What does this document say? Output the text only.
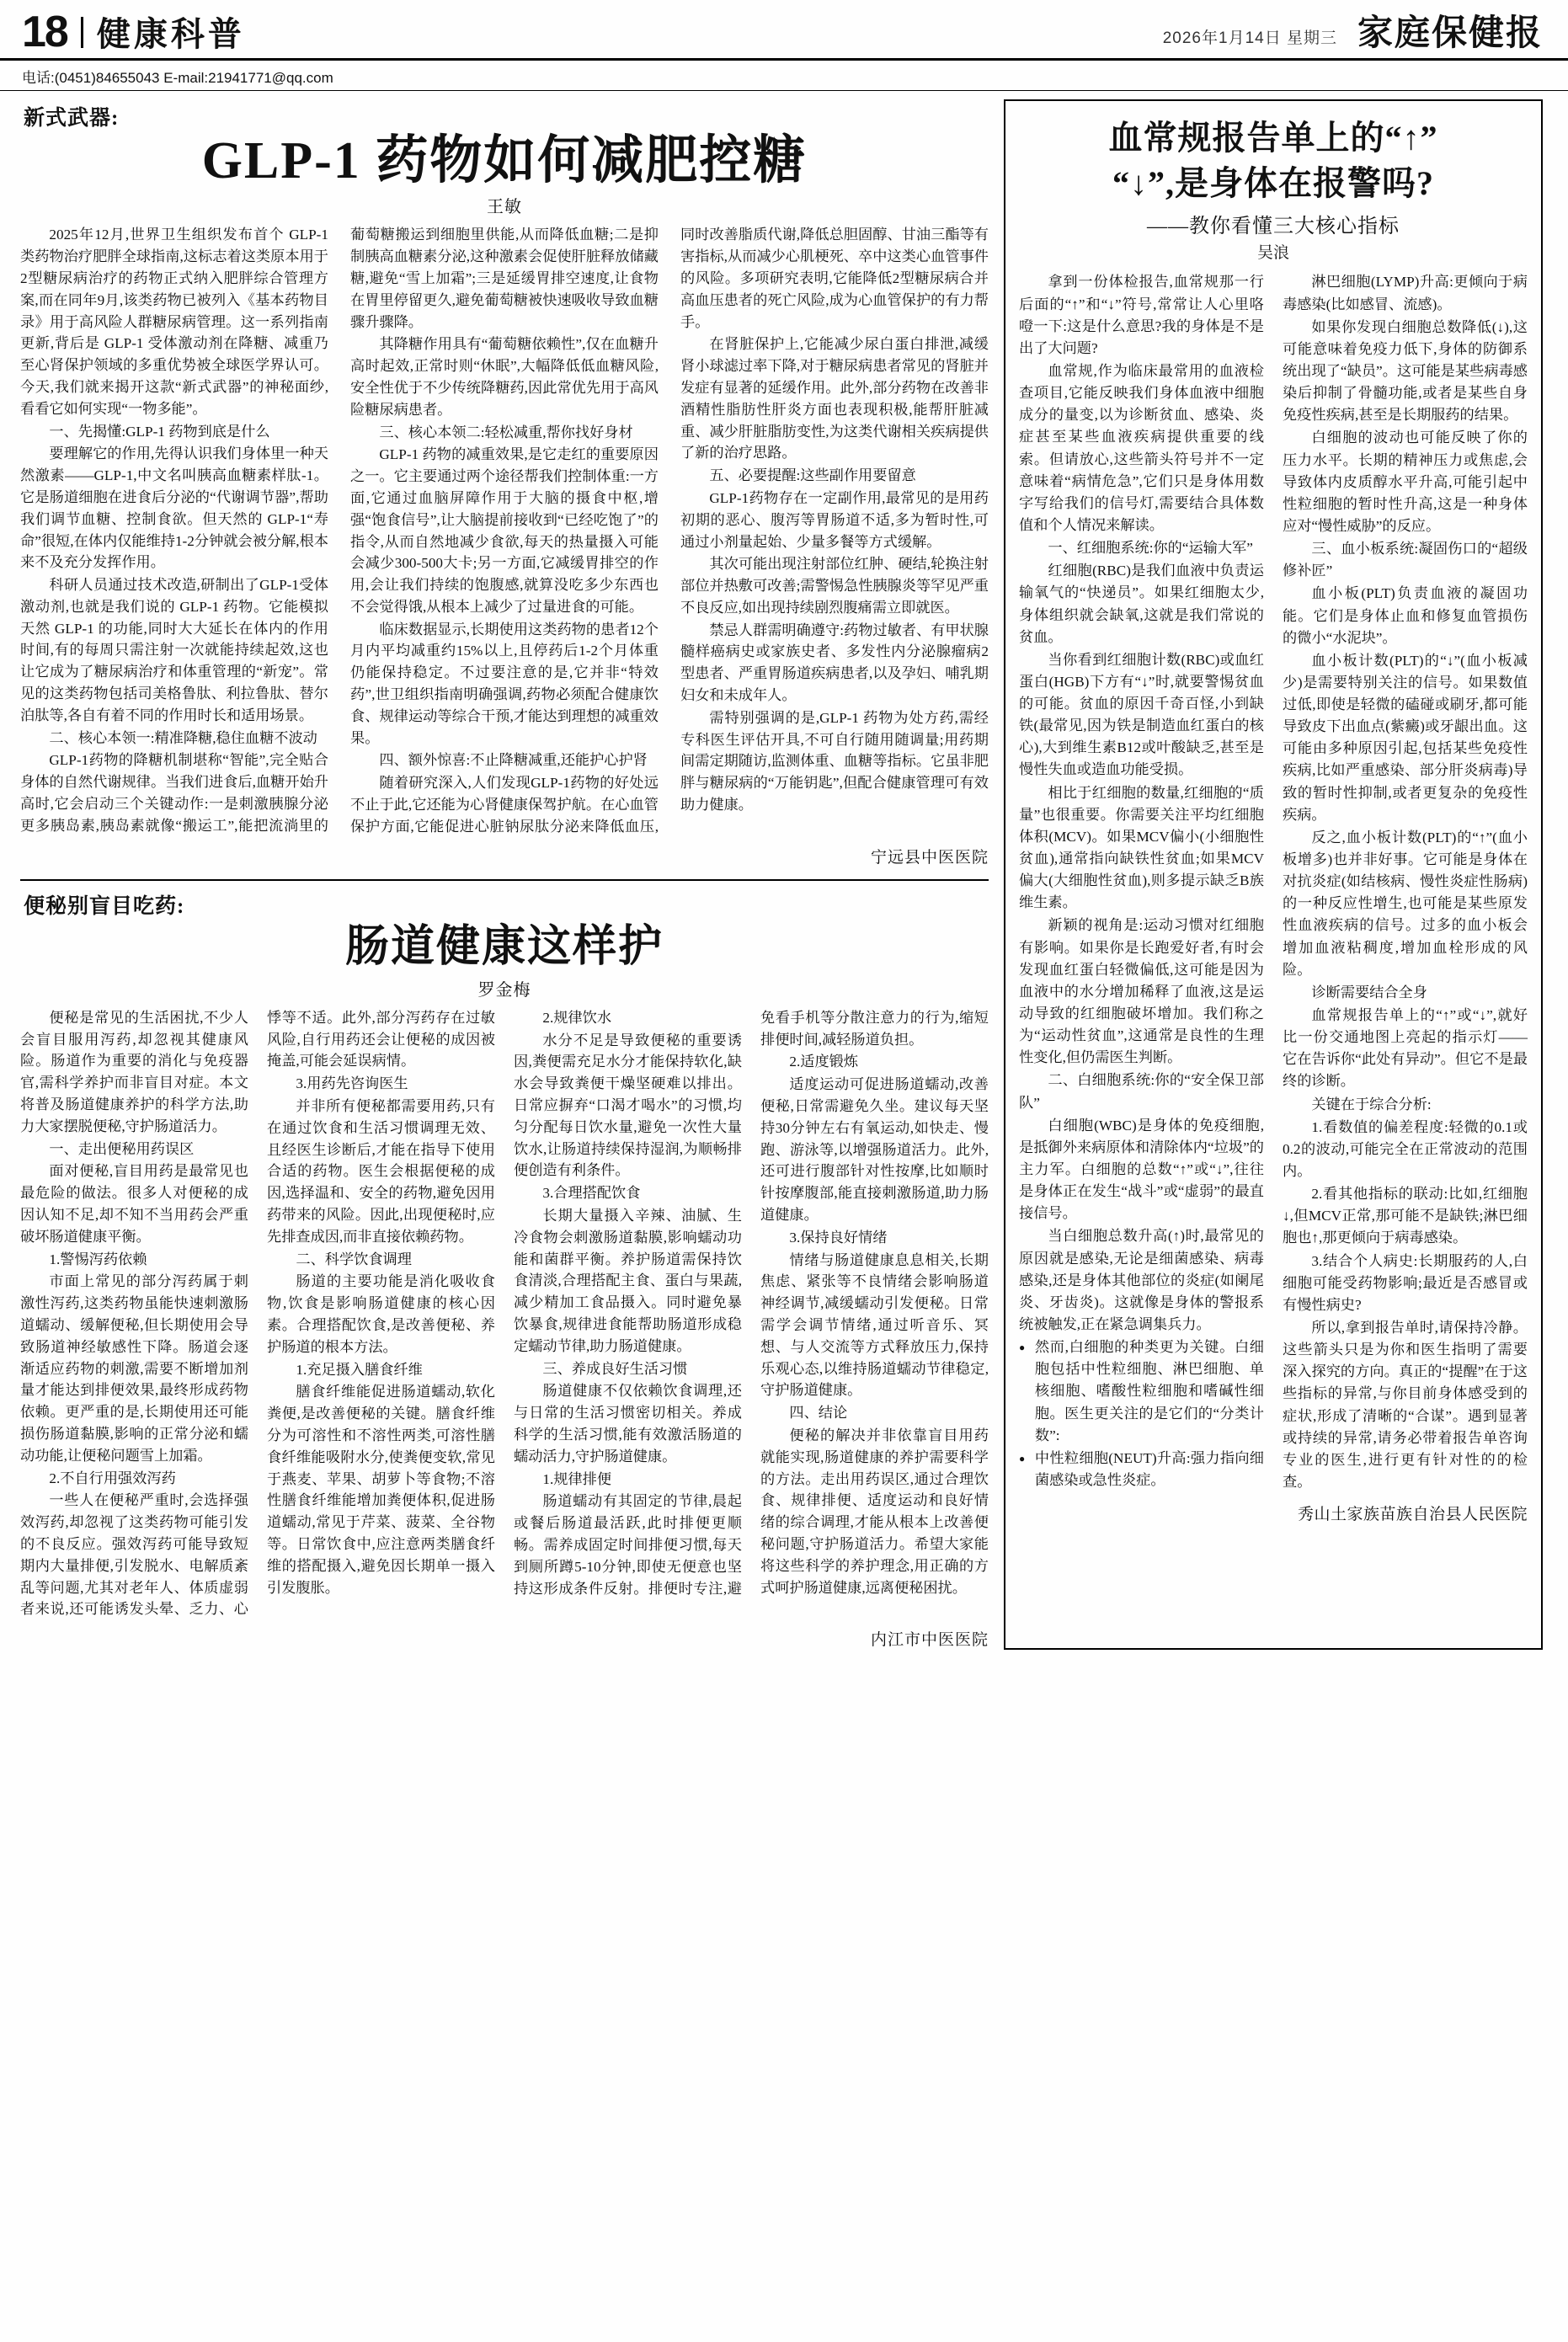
18 健康科普	2026年1月14日 星期三 家庭保健报
电话:(0451)84655043 E-mail:21941771@qq.com
新式武器:
GLP-1 药物如何减肥控糖
王敏

2025年12月,世界卫生组织发布首个 GLP-1 类药物治疗肥胖全球指南,这标志着这类原本用于2型糖尿病治疗的药物正式纳入肥胖综合管理方案,而在同年9月,该类药物已被列入《基本药物目录》用于高风险人群糖尿病管理。这一系列指南更新,背后是 GLP-1 受体激动剂在降糖、减重乃至心肾保护领域的多重优势被全球医学界认可。今天,我们就来揭开这款“新式武器”的神秘面纱,看看它如何实现“一物多能”。

一、先揭懂:GLP-1 药物到底是什么

要理解它的作用,先得认识我们身体里一种天然激素——GLP-1,中文名叫胰高血糖素样肽-1。它是肠道细胞在进食后分泌的“代谢调节器”,帮助我们调节血糖、控制食欲。但天然的 GLP-1“寿命”很短,在体内仅能维持1-2分钟就会被分解,根本来不及充分发挥作用。

科研人员通过技术改造,研制出了GLP-1受体激动剂,也就是我们说的 GLP-1 药物。它能模拟天然 GLP-1 的功能,同时大大延长在体内的作用时间,有的每周只需注射一次就能持续起效,这也让它成为了糖尿病治疗和体重管理的“新宠”。常见的这类药物包括司美格鲁肽、利拉鲁肽、替尔泊肽等,各自有着不同的作用时长和适用场景。

二、核心本领一:精准降糖,稳住血糖不波动

GLP-1药物的降糖机制堪称“智能”,完全贴合身体的自然代谢规律。当我们进食后,血糖开始升高时,它会启动三个关键动作:一是刺激胰腺分泌更多胰岛素,胰岛素就像“搬运工”,能把流淌里的葡萄糖搬运到细胞里供能,从而降低血糖;二是抑制胰高血糖素分泌,这种激素会促使肝脏释放储藏糖,避免“雪上加霜”;三是延缓胃排空速度,让食物在胃里停留更久,避免葡萄糖被快速吸收导致血糖骤升骤降。

其降糖作用具有“葡萄糖依赖性”,仅在血糖升高时起效,正常时则“休眠”,大幅降低低血糖风险,安全性优于不少传统降糖药,因此常优先用于高风险糖尿病患者。

三、核心本领二:轻松减重,帮你找好身材

GLP-1 药物的减重效果,是它走红的重要原因之一。它主要通过两个途径帮我们控制体重:一方面,它通过血脑屏障作用于大脑的摄食中枢,增强“饱食信号”,让大脑提前接收到“已经吃饱了”的指令,从而自然地减少食欲,每天的热量摄入可能会减少300-500大卡;另一方面,它减缓胃排空的作用,会让我们持续的饱腹感,就算没吃多少东西也不会觉得饿,从根本上减少了过量进食的可能。

临床数据显示,长期使用这类药物的患者12个月内平均减重约15%以上,且停药后1-2个月体重仍能保持稳定。不过要注意的是,它并非“特效药”,世卫组织指南明确强调,药物必须配合健康饮食、规律运动等综合干预,才能达到理想的减重效果。

四、额外惊喜:不止降糖减重,还能护心护肾

随着研究深入,人们发现GLP-1药物的好处远不止于此,它还能为心肾健康保驾护航。在心血管保护方面,它能促进心脏钠尿肽分泌来降低血压,同时改善脂质代谢,降低总胆固醇、甘油三酯等有害指标,从而减少心肌梗死、卒中这类心血管事件的风险。多项研究表明,它能降低2型糖尿病合并高血压患者的死亡风险,成为心血管保护的有力帮手。

在肾脏保护上,它能减少尿白蛋白排泄,减缓肾小球滤过率下降,对于糖尿病患者常见的肾脏并发症有显著的延缓作用。此外,部分药物在改善非酒精性脂肪性肝炎方面也表现积极,能帮肝脏减重、减少肝脏脂肪变性,为这类代谢相关疾病提供了新的治疗思路。

五、必要提醒:这些副作用要留意

GLP-1药物存在一定副作用,最常见的是用药初期的恶心、腹泻等胃肠道不适,多为暂时性,可通过小剂量起始、少量多餐等方式缓解。

其次可能出现注射部位红肿、硬结,轮换注射部位并热敷可改善;需警惕急性胰腺炎等罕见严重不良反应,如出现持续剧烈腹痛需立即就医。

禁忌人群需明确遵守:药物过敏者、有甲状腺髓样癌病史或家族史者、多发性内分泌腺瘤病2型患者、严重胃肠道疾病患者,以及孕妇、哺乳期妇女和未成年人。

需特别强调的是,GLP-1 药物为处方药,需经专科医生评估开具,不可自行随用随调量;用药期间需定期随访,监测体重、血糖等指标。它虽非肥胖与糖尿病的“万能钥匙”,但配合健康管理可有效助力健康。

宁远县中医医院
便秘别盲目吃药:
肠道健康这样护
罗金梅

便秘是常见的生活困扰,不少人会盲目服用泻药,却忽视其健康风险。肠道作为重要的消化与免疫器官,需科学养护而非盲目对症。本文将普及肠道健康养护的科学方法,助力大家摆脱便秘,守护肠道活力。

一、走出便秘用药误区

面对便秘,盲目用药是最常见也最危险的做法。很多人对便秘的成因认知不足,却不知不当用药会严重破坏肠道健康平衡。

1.警惕泻药依赖

市面上常见的部分泻药属于刺激性泻药,这类药物虽能快速刺激肠道蠕动、缓解便秘,但长期使用会导致肠道神经敏感性下降。肠道会逐渐适应药物的刺激,需要不断增加剂量才能达到排便效果,最终形成药物依赖。更严重的是,长期使用还可能损伤肠道黏膜,影响的正常分泌和蠕动功能,让便秘问题雪上加霜。

2.不自行用强效泻药

一些人在便秘严重时,会选择强效泻药,却忽视了这类药物可能引发的不良反应。强效泻药可能导致短期内大量排便,引发脱水、电解质紊乱等问题,尤其对老年人、体质虚弱者来说,还可能诱发头晕、乏力、心悸等不适。此外,部分泻药存在过敏风险,自行用药还会让便秘的成因被掩盖,可能会延误病情。

3.用药先咨询医生

并非所有便秘都需要用药,只有在通过饮食和生活习惯调理无效、且经医生诊断后,才能在指导下使用合适的药物。医生会根据便秘的成因,选择温和、安全的药物,避免因用药带来的风险。因此,出现便秘时,应先排查成因,而非直接依赖药物。

二、科学饮食调理

肠道的主要功能是消化吸收食物,饮食是影响肠道健康的核心因素。合理搭配饮食,是改善便秘、养护肠道的根本方法。

1.充足摄入膳食纤维

膳食纤维能促进肠道蠕动,软化粪便,是改善便秘的关键。膳食纤维分为可溶性和不溶性两类,可溶性膳食纤维能吸附水分,使粪便变软,常见于燕麦、苹果、胡萝卜等食物;不溶性膳食纤维能增加粪便体积,促进肠道蠕动,常见于芹菜、菠菜、全谷物等。日常饮食中,应注意两类膳食纤维的搭配摄入,避免因长期单一摄入引发腹胀。

2.规律饮水

水分不足是导致便秘的重要诱因,粪便需充足水分才能保持软化,缺水会导致粪便干燥坚硬难以排出。日常应摒弃“口渴才喝水”的习惯,均匀分配每日饮水量,避免一次性大量饮水,让肠道持续保持湿润,为顺畅排便创造有利条件。

3.合理搭配饮食

长期大量摄入辛辣、油腻、生冷食物会刺激肠道黏膜,影响蠕动功能和菌群平衡。养护肠道需保持饮食清淡,合理搭配主食、蛋白与果蔬,减少精加工食品摄入。同时避免暴饮暴食,规律进食能帮助肠道形成稳定蠕动节律,助力肠道健康。

三、养成良好生活习惯

肠道健康不仅依赖饮食调理,还与日常的生活习惯密切相关。养成科学的生活习惯,能有效激活肠道的蠕动活力,守护肠道健康。

1.规律排便

肠道蠕动有其固定的节律,晨起或餐后肠道最活跃,此时排便更顺畅。需养成固定时间排便习惯,每天到厕所蹲5-10分钟,即使无便意也坚持这形成条件反射。排便时专注,避免看手机等分散注意力的行为,缩短排便时间,减轻肠道负担。

2.适度锻炼

适度运动可促进肠道蠕动,改善便秘,日常需避免久坐。建议每天坚持30分钟左右有氧运动,如快走、慢跑、游泳等,以增强肠道活力。此外,还可进行腹部针对性按摩,比如顺时针按摩腹部,能直接刺激肠道,助力肠道健康。

3.保持良好情绪

情绪与肠道健康息息相关,长期焦虑、紧张等不良情绪会影响肠道神经调节,减缓蠕动引发便秘。日常需学会调节情绪,通过听音乐、冥想、与人交流等方式释放压力,保持乐观心态,以维持肠道蠕动节律稳定,守护肠道健康。

四、结论

便秘的解决并非依靠盲目用药就能实现,肠道健康的养护需要科学的方法。走出用药误区,通过合理饮食、规律排便、适度运动和良好情绪的综合调理,才能从根本上改善便秘问题,守护肠道活力。希望大家能将这些科学的养护理念,用正确的方式呵护肠道健康,远离便秘困扰。

内江市中医医院
血常规报告单上的“↑”
“↓”,是身体在报警吗?
——教你看懂三大核心指标
吴浪

拿到一份体检报告,血常规那一行后面的“↑”和“↓”符号,常常让人心里咯噔一下:这是什么意思?我的身体是不是出了大问题?

血常规,作为临床最常用的血液检查项目,它能反映我们身体血液中细胞成分的量变,以为诊断贫血、感染、炎症甚至某些血液疾病提供重要的线索。但请放心,这些箭头符号并不一定意味着“病情危急”,它们只是身体用数字写给我们的信号灯,需要结合具体数值和个人情况来解读。

一、红细胞系统:你的“运输大军”

红细胞(RBC)是我们血液中负责运输氧气的“快递员”。如果红细胞太少,身体组织就会缺氧,这就是我们常说的贫血。

当你看到红细胞计数(RBC)或血红蛋白(HGB)下方有“↓”时,就要警惕贫血的可能。贫血的原因千奇百怪,小到缺铁(最常见,因为铁是制造血红蛋白的核心),大到维生素B12或叶酸缺乏,甚至是慢性失血或造血功能受损。

相比于红细胞的数量,红细胞的“质量”也很重要。你需要关注平均红细胞体积(MCV)。如果MCV偏小(小细胞性贫血),通常指向缺铁性贫血;如果MCV偏大(大细胞性贫血),则多提示缺乏B族维生素。

新颖的视角是:运动习惯对红细胞有影响。如果你是长跑爱好者,有时会发现血红蛋白轻微偏低,这可能是因为血液中的水分增加稀释了血液,这是运动导致的红细胞破坏增加。我们称之为“运动性贫血”,这通常是良性的生理性变化,但仍需医生判断。

二、白细胞系统:你的“安全保卫部队”

白细胞(WBC)是身体的免疫细胞,是抵御外来病原体和清除体内“垃圾”的主力军。白细胞的总数“↑”或“↓”,往往是身体正在发生“战斗”或“虚弱”的最直接信号。

当白细胞总数升高(↑)时,最常见的原因就是感染,无论是细菌感染、病毒感染,还是身体其他部位的炎症(如阑尾炎、牙齿炎)。这就像是身体的警报系统被触发,正在紧急调集兵力。

● 然而,白细胞的种类更为关键。白细胞包括中性粒细胞、淋巴细胞、单核细胞、嗜酸性粒细胞和嗜碱性细胞。医生更关注的是它们的“分类计数”:

● 中性粒细胞(NEUT)升高:强力指向细菌感染或急性炎症。

淋巴细胞(LYMP)升高:更倾向于病毒感染(比如感冒、流感)。

如果你发现白细胞总数降低(↓),这可能意味着免疫力低下,身体的防御系统出现了“缺员”。这可能是某些病毒感染后抑制了骨髓功能,或者是某些自身免疫性疾病,甚至是长期服药的结果。

白细胞的波动也可能反映了你的压力水平。长期的精神压力或焦虑,会导致体内皮质醇水平升高,可能引起中性粒细胞的暂时性升高,这是一种身体应对“慢性威胁”的反应。

三、血小板系统:凝固伤口的“超级修补匠”

血小板(PLT)负责血液的凝固功能。它们是身体止血和修复血管损伤的微小“水泥块”。

血小板计数(PLT)的“↓”(血小板减少)是需要特别关注的信号。如果数值过低,即使是轻微的磕碰或刷牙,都可能导致皮下出血点(紫癜)或牙龈出血。这可能由多种原因引起,包括某些免疫性疾病,比如严重感染、部分肝炎病毒)导致的暂时性抑制,或者更复杂的免疫性疾病。

反之,血小板计数(PLT)的“↑”(血小板增多)也并非好事。它可能是身体在对抗炎症(如结核病、慢性炎症性肠病)的一种反应性增生,也可能是某些原发性血液疾病的信号。过多的血小板会增加血液粘稠度,增加血栓形成的风险。

诊断需要结合全身

血常规报告单上的“↑”或“↓”,就好比一份交通地图上亮起的指示灯——它在告诉你“此处有异动”。但它不是最终的诊断。

关键在于综合分析:

1.看数值的偏差程度:轻微的0.1或0.2的波动,可能完全在正常波动的范围内。

2.看其他指标的联动:比如,红细胞↓,但MCV正常,那可能不是缺铁;淋巴细胞也↑,那更倾向于病毒感染。

3.结合个人病史:长期服药的人,白细胞可能受药物影响;最近是否感冒或有慢性病史?

所以,拿到报告单时,请保持冷静。这些箭头只是为你和医生指明了需要深入探究的方向。真正的“提醒”在于这些指标的异常,与你目前身体感受到的症状,形成了清晰的“合谋”。遇到显著或持续的异常,请务必带着报告单咨询专业的医生,进行更有针对性的的检查。

秀山土家族苗族自治县人民医院
